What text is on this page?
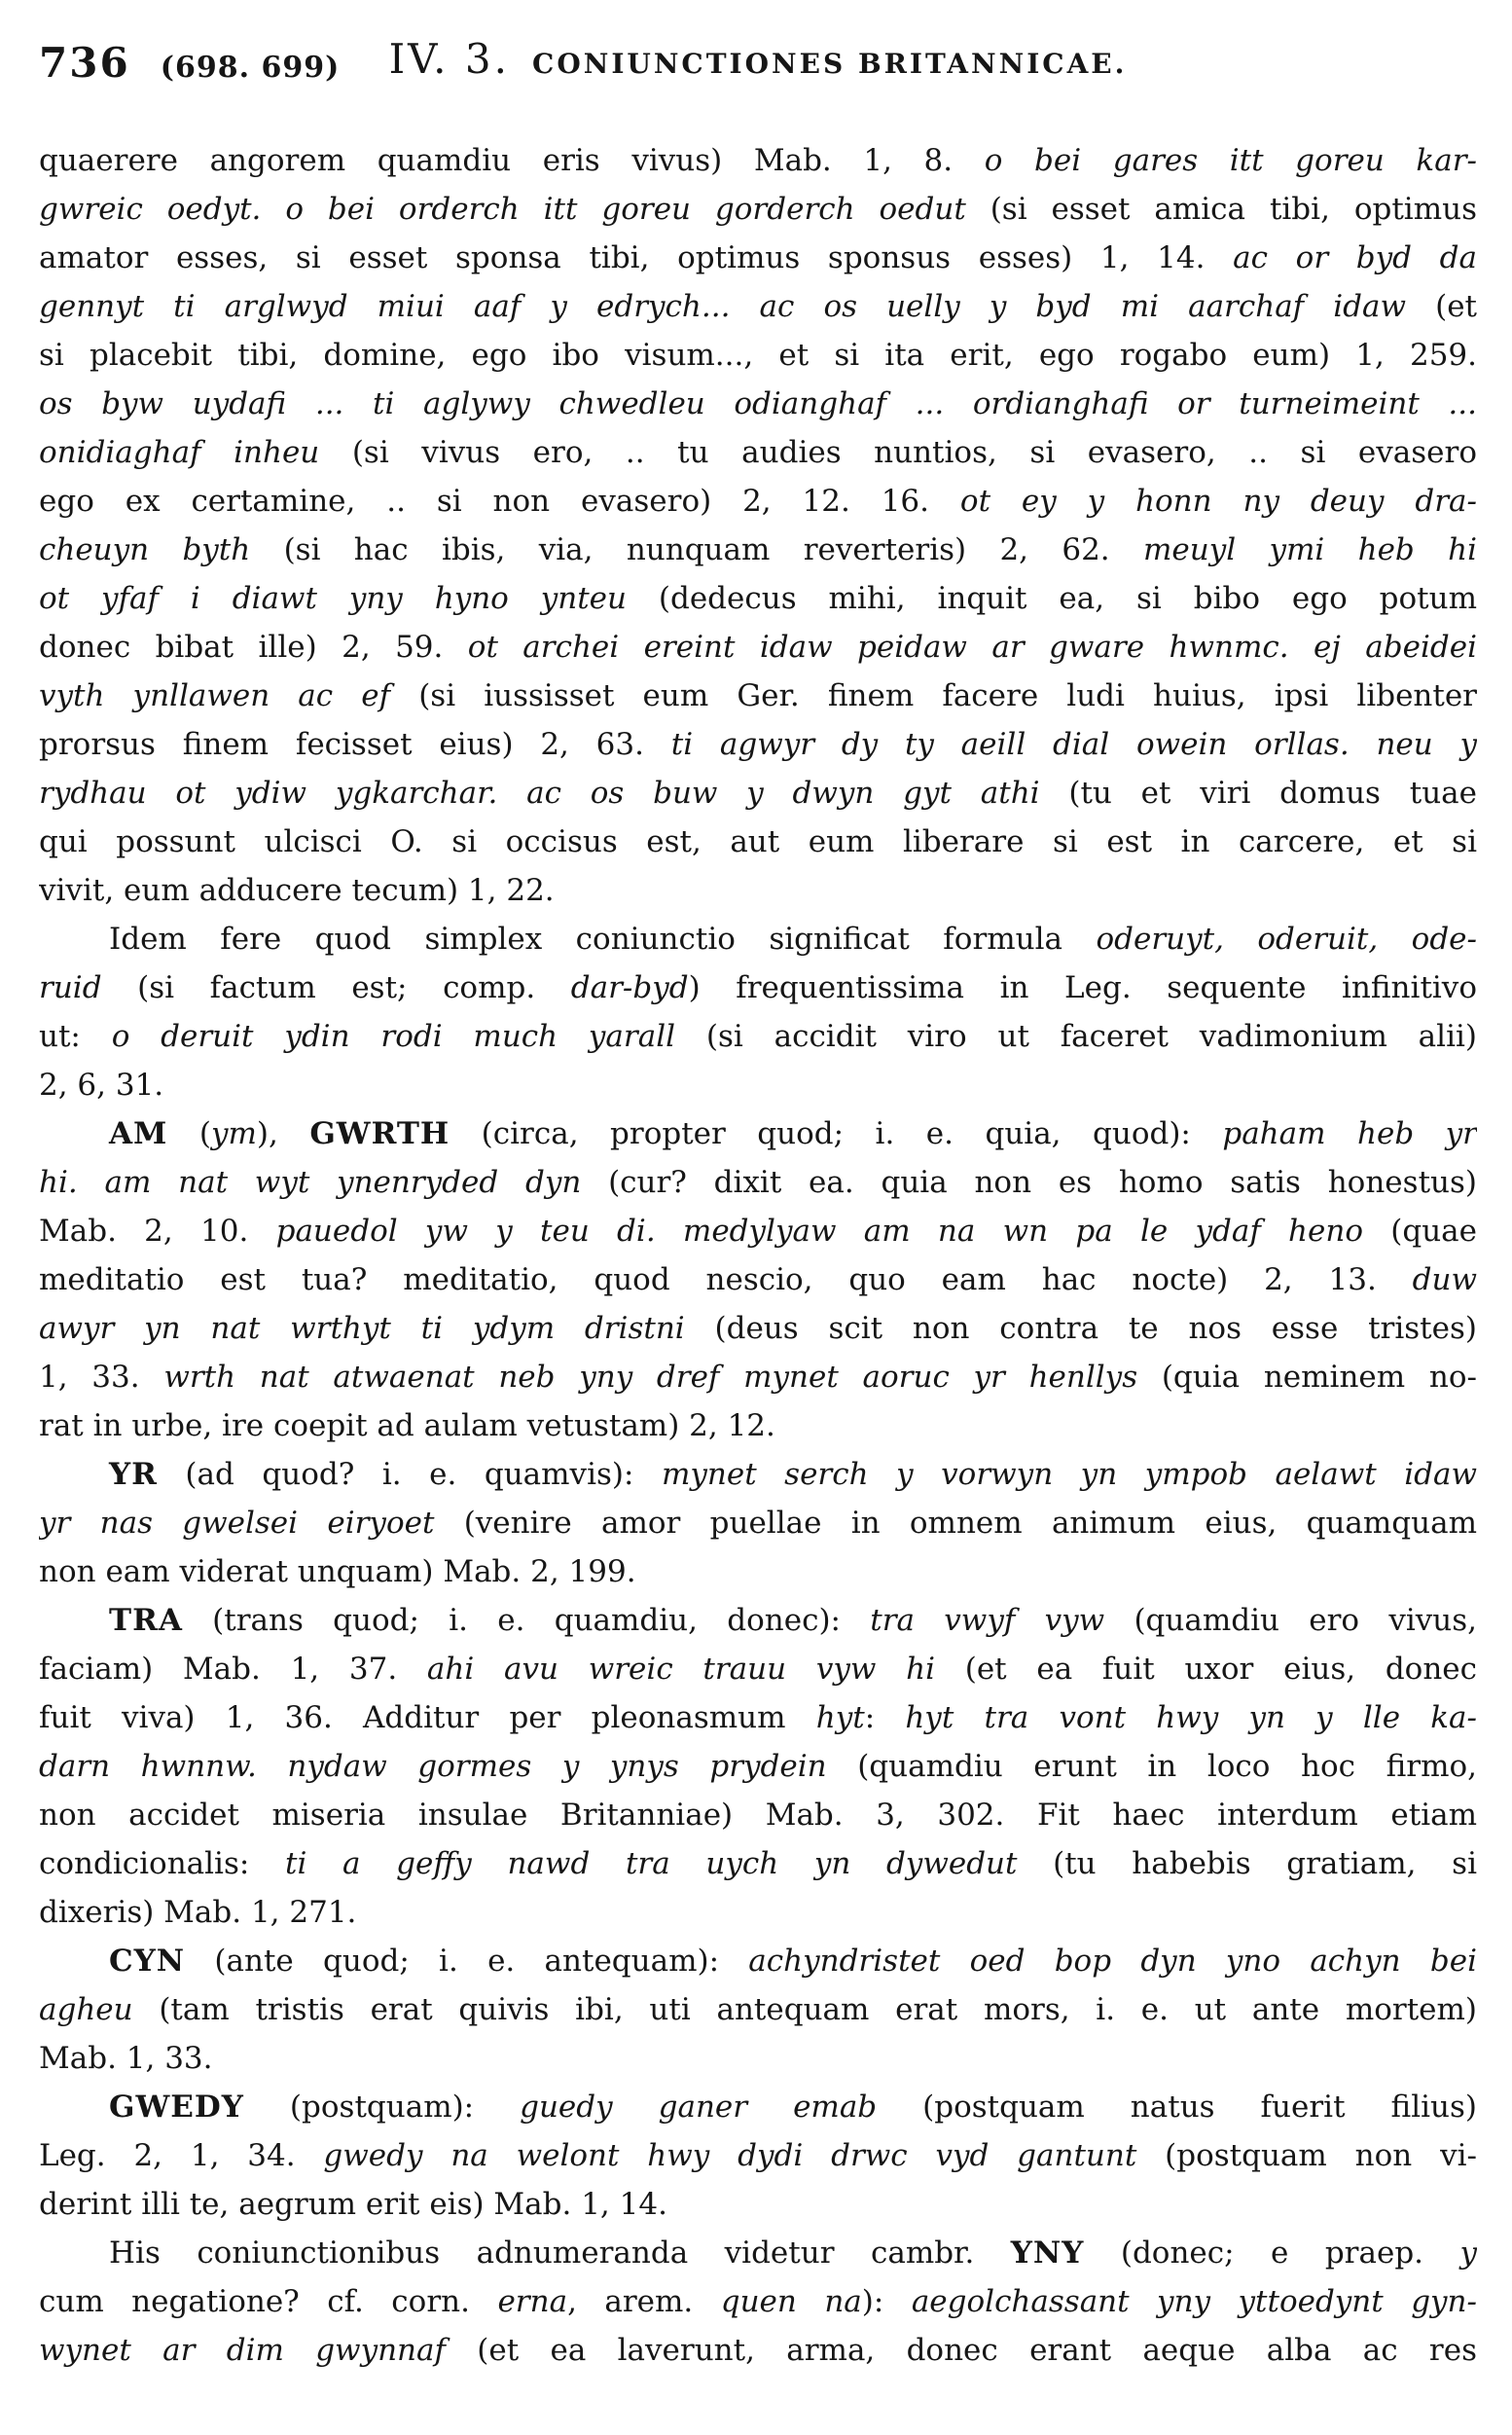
736 (698. 699)	IV. 3. CONIUNCTIONES BRITANNICAE.
quaerere angorem quamdiu eris vivus) Mab. 1, 8. o bei gares itt goreu kar-
gwreic oedyt. o bei orderch itt goreu gorderch oedut (si esset amica tibi, optimus
amator esses, si esset sponsa tibi, optimus sponsus esses) 1, 14. ac or byd da
gennyt ti arglwyd miui aaf y edrych... ac os uelly y byd mi aarchaf idaw (et
si placebit tibi, domine, ego ibo visum..., et si ita erit, ego rogabo eum) 1, 259.
os byw uydafi ... ti aglywy chwedleu odianghaf ... ordianghafi or turneimeint ...
onidiaghaf inheu (si vivus ero, .. tu audies nuntios, si evasero, .. si evasero
ego ex certamine, .. si non evasero) 2, 12. 16. ot ey y honn ny deuy dra-
cheuyn byth (si hac ibis, via, nunquam reverteris) 2, 62. meuyl ymi heb hi
ot yfaf i diawt yny hyno ynteu (dedecus mihi, inquit ea, si bibo ego potum
donec bibat ille) 2, 59. ot archei ereint idaw peidaw ar gware hwnmc. ej abeidei
vyth ynllawen ac ef (si iussisset eum Ger. finem facere ludi huius, ipsi libenter
prorsus finem fecisset eius) 2, 63. ti agwyr dy ty aeill dial owein orllas. neu y
rydhau ot ydiw ygkarchar. ac os buw y dwyn gyt athi (tu et viri domus tuae
qui possunt ulcisci O. si occisus est, aut eum liberare si est in carcere, et si
vivit, eum adducere tecum) 1, 22.
Idem fere quod simplex coniunctio significat formula oderuyt, oderuit, ode-
ruid (si factum est; comp. dar-byd) frequentissima in Leg. sequente infinitivo
ut: o deruit ydin rodi much yarall (si accidit viro ut faceret vadimonium alii)
2, 6, 31.
AM (ym), GWRTH (circa, propter quod; i. e. quia, quod): paham heb yr
hi. am nat wyt ynenryded dyn (cur? dixit ea. quia non es homo satis honestus)
Mab. 2, 10. pauedol yw y teu di. medylyaw am na wn pa le ydaf heno (quae
meditatio est tua? meditatio, quod nescio, quo eam hac nocte) 2, 13. duw
awyr yn nat wrthyt ti ydym dristni (deus scit non contra te nos esse tristes)
1, 33. wrth nat atwaenat neb yny dref mynet aoruc yr henllys (quia neminem no-
rat in urbe, ire coepit ad aulam vetustam) 2, 12.
YR (ad quod? i. e. quamvis): mynet serch y vorwyn yn ympob aelawt idaw
yr nas gwelsei eiryoet (venire amor puellae in omnem animum eius, quamquam
non eam viderat unquam) Mab. 2, 199.
TRA (trans quod; i. e. quamdiu, donec): tra vwyf vyw (quamdiu ero vivus,
faciam) Mab. 1, 37. ahi avu wreic trauu vyw hi (et ea fuit uxor eius, donec
fuit viva) 1, 36. Additur per pleonasmum hyt: hyt tra vont hwy yn y lle ka-
darn hwnnw. nydaw gormes y ynys prydein (quamdiu erunt in loco hoc firmo,
non accidet miseria insulae Britanniae) Mab. 3, 302. Fit haec interdum etiam
condicionalis: ti a geffy nawd tra uych yn dywedut (tu habebis gratiam, si
dixeris) Mab. 1, 271.
CYN (ante quod; i. e. antequam): achyndristet oed bop dyn yno achyn bei
agheu (tam tristis erat quivis ibi, uti antequam erat mors, i. e. ut ante mortem)
Mab. 1, 33.
GWEDY (postquam): guedy ganer emab (postquam natus fuerit filius)
Leg. 2, 1, 34. gwedy na welont hwy dydi drwc vyd gantunt (postquam non vi-
derint illi te, aegrum erit eis) Mab. 1, 14.
His coniunctionibus adnumeranda videtur cambr. YNY (donec; e praep. y
cum negatione? cf. corn. erna, arem. quen na): aegolchassant yny yttoedynt gyn-
wynet ar dim gwynnaf (et ea laverunt, arma, donec erant aeque alba ac res
